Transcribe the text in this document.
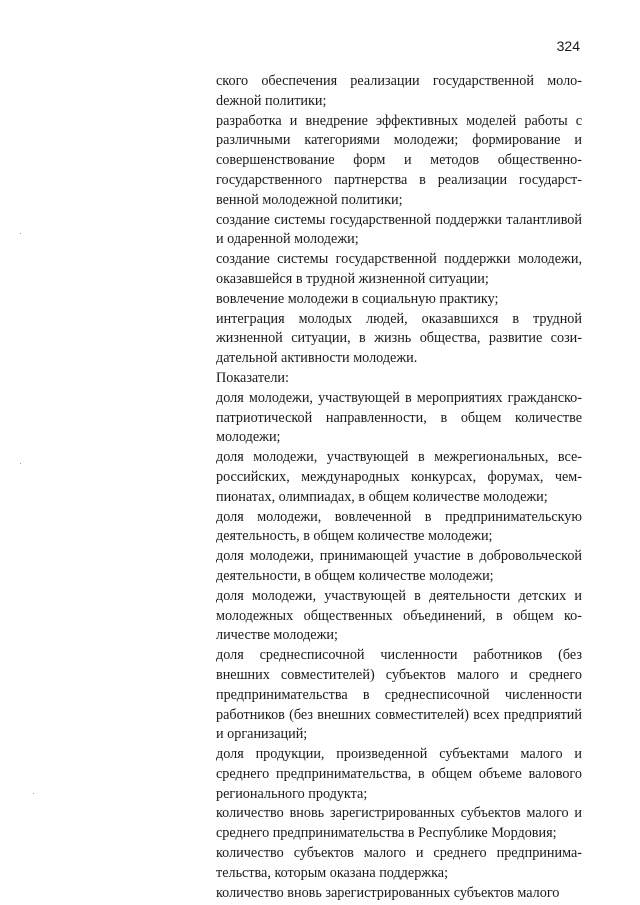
324

ского обеспечения реализации государственной молоdежной политики;

разработка и внедрение эффективных моделей работы с различными категориями молодежи; формирование и совершенствование форм и методов общественно-государственного партнерства в реализации государственной молодежной политики;

создание системы государственной поддержки талантливой и одаренной молодежи;

создание системы государственной поддержки молодежи, оказавшейся в трудной жизненной ситуации;

вовлечение молодежи в социальную практику;

интеграция молодых людей, оказавшихся в трудной жизненной ситуации, в жизнь общества, развитие созидательной активности молодежи.

Показатели:

доля молодежи, участвующей в мероприятиях гражданско-патриотической направленности, в общем количестве молодежи;

доля молодежи, участвующей в межрегиональных, всероссийских, международных конкурсах, форумах, чемпионатах, олимпиадах, в общем количестве молодежи;

доля молодежи, вовлеченной в предпринимательскую деятельность, в общем количестве молодежи;

доля молодежи, принимающей участие в добровольческой деятельности, в общем количестве молодежи;

доля молодежи, участвующей в деятельности детских и молодежных общественных объединений, в общем количестве молодежи;

доля среднесписочной численности работников (без внешних совместителей) субъектов малого и среднего предпринимательства в среднесписочной численности работников (без внешних совместителей) всех предприятий и организаций;

доля продукции, произведенной субъектами малого и среднего предпринимательства, в общем объеме валового регионального продукта;

количество вновь зарегистрированных субъектов малого и среднего предпринимательства в Республике Мордовия;

количество субъектов малого и среднего предпринимательства, которым оказана поддержка;

количество вновь зарегистрированных субъектов малого
